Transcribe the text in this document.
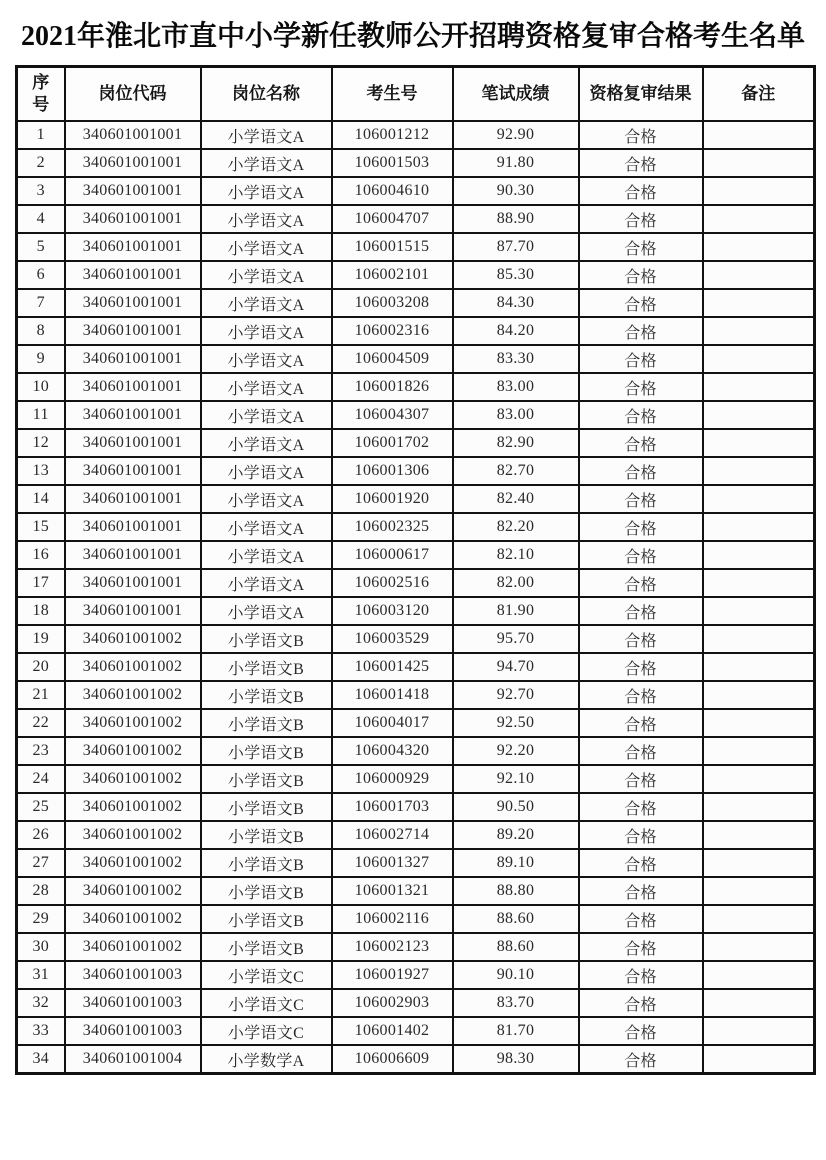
2021年淮北市直中小学新任教师公开招聘资格复审合格考生名单
序号	岗位代码	岗位名称	考生号	笔试成绩	资格复审结果	备注
1	340601001001	小学语文A	106001212	92.90	合格	
2	340601001001	小学语文A	106001503	91.80	合格	
3	340601001001	小学语文A	106004610	90.30	合格	
4	340601001001	小学语文A	106004707	88.90	合格	
5	340601001001	小学语文A	106001515	87.70	合格	
6	340601001001	小学语文A	106002101	85.30	合格	
7	340601001001	小学语文A	106003208	84.30	合格	
8	340601001001	小学语文A	106002316	84.20	合格	
9	340601001001	小学语文A	106004509	83.30	合格	
10	340601001001	小学语文A	106001826	83.00	合格	
11	340601001001	小学语文A	106004307	83.00	合格	
12	340601001001	小学语文A	106001702	82.90	合格	
13	340601001001	小学语文A	106001306	82.70	合格	
14	340601001001	小学语文A	106001920	82.40	合格	
15	340601001001	小学语文A	106002325	82.20	合格	
16	340601001001	小学语文A	106000617	82.10	合格	
17	340601001001	小学语文A	106002516	82.00	合格	
18	340601001001	小学语文A	106003120	81.90	合格	
19	340601001002	小学语文B	106003529	95.70	合格	
20	340601001002	小学语文B	106001425	94.70	合格	
21	340601001002	小学语文B	106001418	92.70	合格	
22	340601001002	小学语文B	106004017	92.50	合格	
23	340601001002	小学语文B	106004320	92.20	合格	
24	340601001002	小学语文B	106000929	92.10	合格	
25	340601001002	小学语文B	106001703	90.50	合格	
26	340601001002	小学语文B	106002714	89.20	合格	
27	340601001002	小学语文B	106001327	89.10	合格	
28	340601001002	小学语文B	106001321	88.80	合格	
29	340601001002	小学语文B	106002116	88.60	合格	
30	340601001002	小学语文B	106002123	88.60	合格	
31	340601001003	小学语文C	106001927	90.10	合格	
32	340601001003	小学语文C	106002903	83.70	合格	
33	340601001003	小学语文C	106001402	81.70	合格	
34	340601001004	小学数学A	106006609	98.30	合格	
